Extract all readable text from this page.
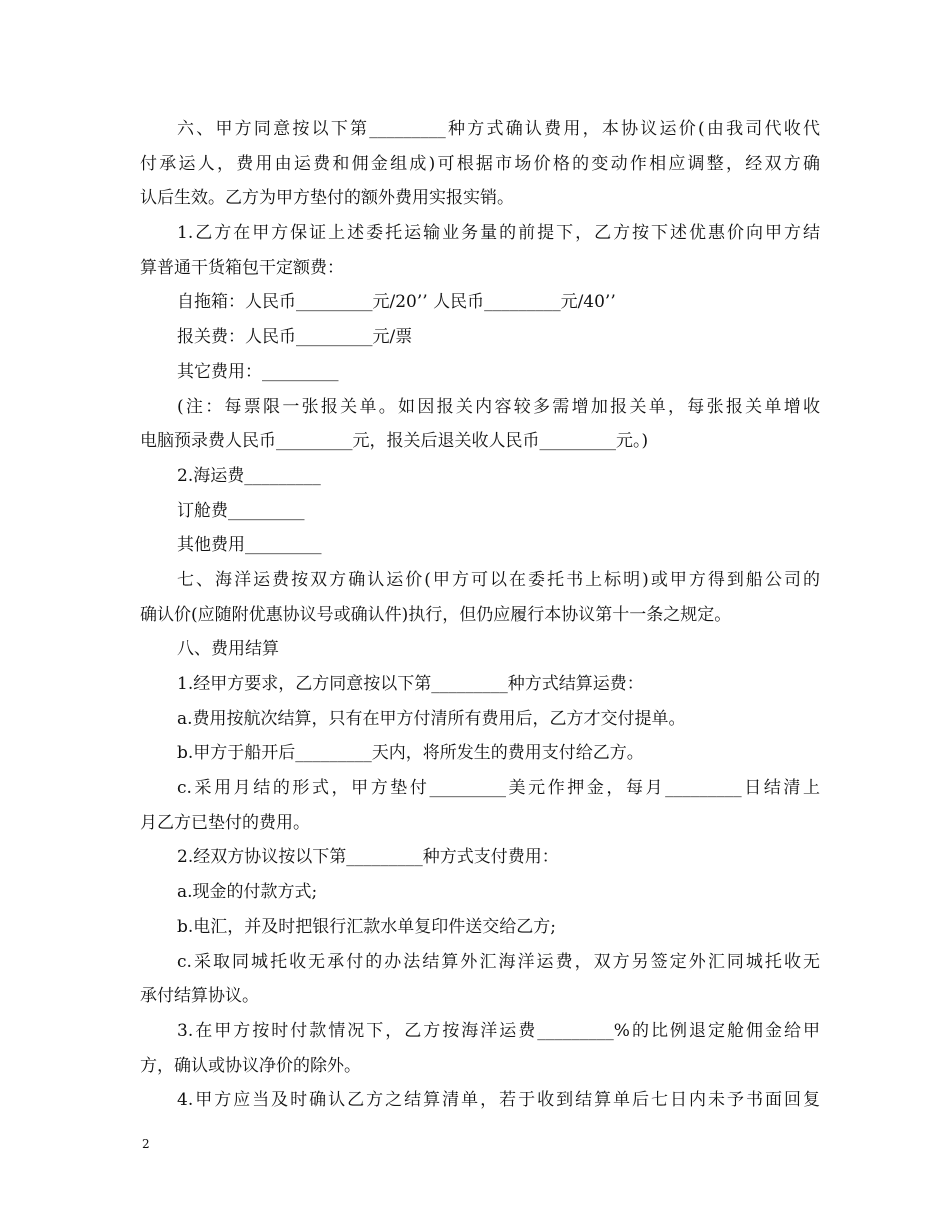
六、甲方同意按以下第_________种方式确认费用，本协议运价(由我司代收代
付承运人，费用由运费和佣金组成)可根据市场价格的变动作相应调整，经双方确
认后生效。乙方为甲方垫付的额外费用实报实销。
1.乙方在甲方保证上述委托运输业务量的前提下，乙方按下述优惠价向甲方结
算普通干货箱包干定额费：
自拖箱：人民币_________元/20’’ 人民币_________元/40’’
报关费：人民币_________元/票
其它费用：_________
(注：每票限一张报关单。如因报关内容较多需增加报关单，每张报关单增收
电脑预录费人民币_________元，报关后退关收人民币_________元。)
2.海运费_________
订舱费_________
其他费用_________
七、海洋运费按双方确认运价(甲方可以在委托书上标明)或甲方得到船公司的
确认价(应随附优惠协议号或确认件)执行，但仍应履行本协议第十一条之规定。
八、费用结算
1.经甲方要求，乙方同意按以下第_________种方式结算运费：
a.费用按航次结算，只有在甲方付清所有费用后，乙方才交付提单。
b.甲方于船开后_________天内，将所发生的费用支付给乙方。
c.采用月结的形式，甲方垫付_________美元作押金，每月_________日结清上
月乙方已垫付的费用。
2.经双方协议按以下第_________种方式支付费用：
a.现金的付款方式;
b.电汇，并及时把银行汇款水单复印件送交给乙方;
c.采取同城托收无承付的办法结算外汇海洋运费，双方另签定外汇同城托收无
承付结算协议。
3.在甲方按时付款情况下，乙方按海洋运费_________%的比例退定舱佣金给甲
方，确认或协议净价的除外。
4.甲方应当及时确认乙方之结算清单，若于收到结算单后七日内未予书面回复
2
